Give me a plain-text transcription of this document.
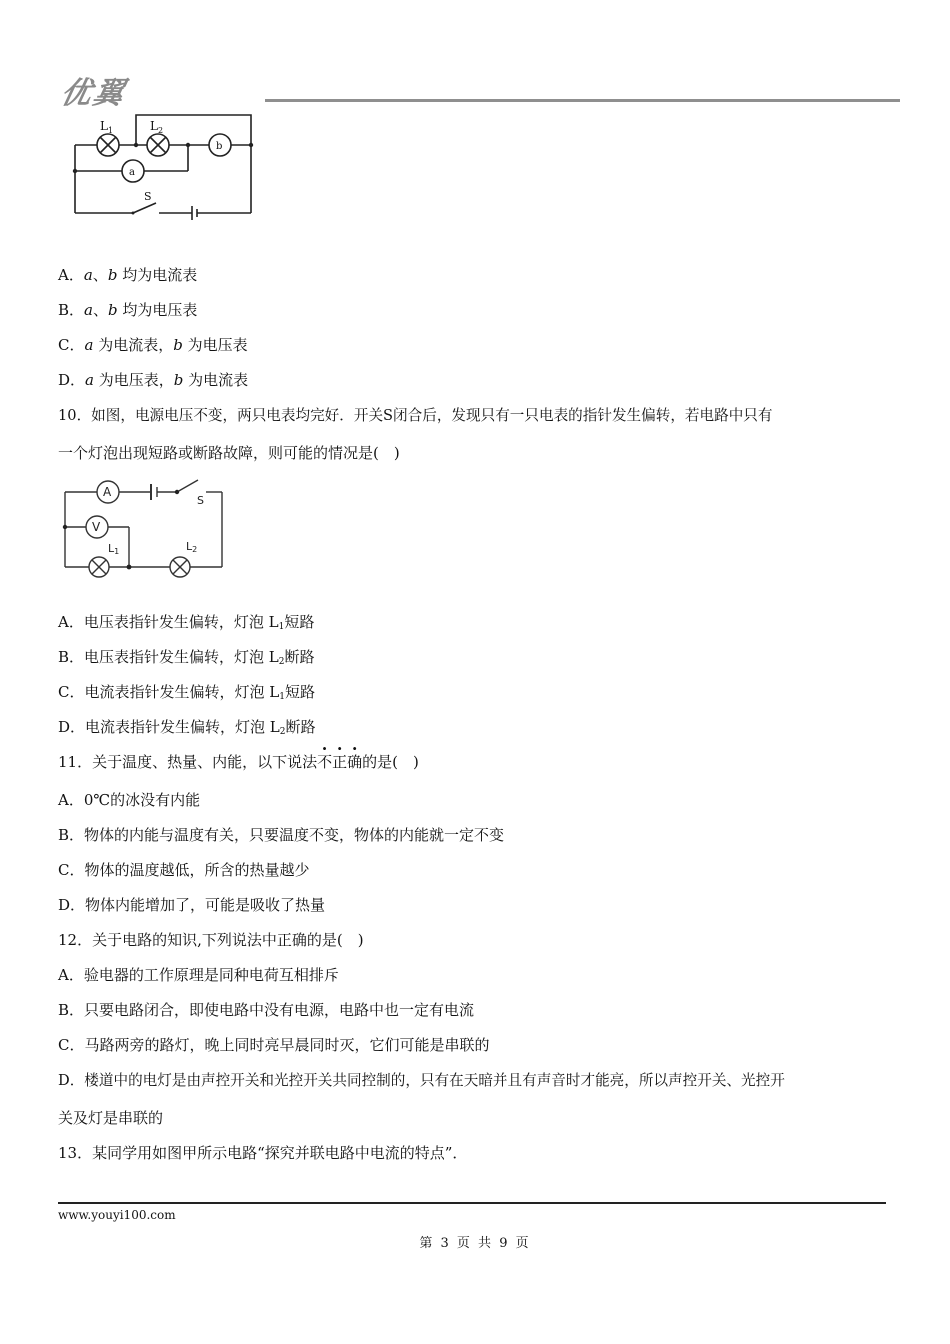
优翼
$L_1$	$L_2$
b
a
S
A．a、b 均为电流表
B．a、b 均为电压表
C．a 为电流表，b 为电压表
D．a 为电压表，b 为电流表
10．如图，电源电压不变，两只电表均完好．开关S闭合后，发现只有一只电表的指针发生偏转，若电路中只有
一个灯泡出现短路或断路故障，则可能的情况是(　)
A
V
S
L1	L2
A．电压表指针发生偏转，灯泡 $L_1$短路
B．电压表指针发生偏转，灯泡 $L_2$断路
C．电流表指针发生偏转，灯泡 $L_1$短路
D．电流表指针发生偏转，灯泡 $L_2$断路
11．关于温度、热量、内能，以下说法不正确的是(　)
A．0℃的冰没有内能
B．物体的内能与温度有关，只要温度不变，物体的内能就一定不变
C．物体的温度越低，所含的热量越少
D．物体内能增加了，可能是吸收了热量
12．关于电路的知识,下列说法中正确的是(　)
A．验电器的工作原理是同种电荷互相排斥
B．只要电路闭合，即使电路中没有电源，电路中也一定有电流
C．马路两旁的路灯，晚上同时亮早晨同时灭，它们可能是串联的
D．楼道中的电灯是由声控开关和光控开关共同控制的，只有在天暗并且有声音时才能亮，所以声控开关、光控开
关及灯是串联的
13．某同学用如图甲所示电路“探究并联电路中电流的特点”．
www.youyi100.com
第 3 页 共 9 页
